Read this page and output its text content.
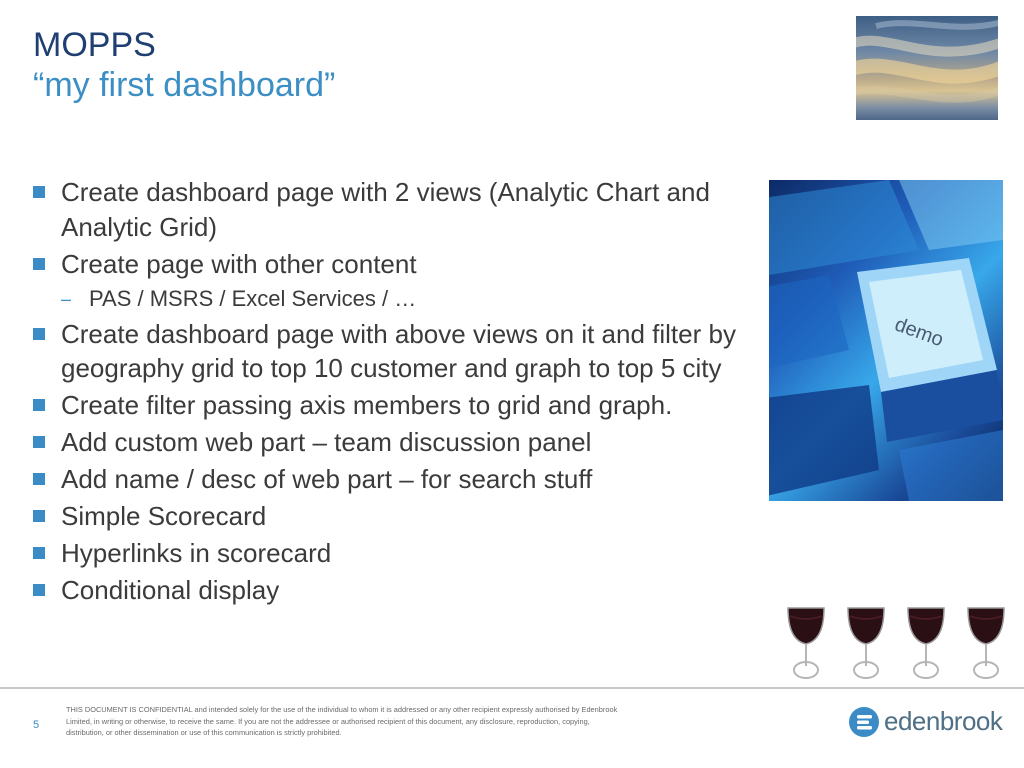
MOPPS
“my first dashboard”
demo
Create dashboard page with 2 views (Analytic Chart and Analytic Grid)
Create page with other content
– PAS / MSRS / Excel Services / …
Create dashboard page with above views on it and filter by geography grid to top 10 customer and graph to top 5 city
Create filter passing axis members to grid and graph.
Add custom web part – team discussion panel
Add name / desc of web part – for search stuff
Simple Scorecard
Hyperlinks in scorecard
Conditional display
5
THIS DOCUMENT IS CONFIDENTIAL and intended solely for the use of the individual to whom it is addressed or any other recipient expressly authorised by Edenbrook Limited, in writing or otherwise, to receive the same. If you are not the addressee or authorised recipient of this document, any disclosure, reproduction, copying, distribution, or other dissemination or use of this communication is strictly prohibited.	edenbrook
